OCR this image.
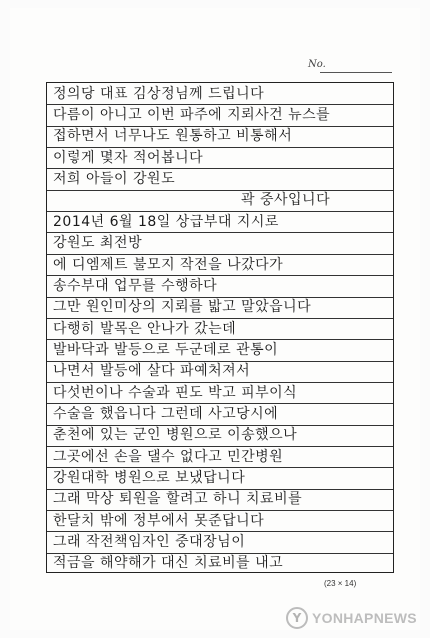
No.
정의당 대표 김상정님께 드립니다
다름이 아니고 이번 파주에 지뢰사건 뉴스를
접하면서 너무나도 원통하고 비통해서
이렇게 몇자 적어봅니다
저희 아들이 강원도
곽 중사입니다
2014년 6월 18일 상급부대 지시로
강원도 최전방
에 디엠제트 불모지 작전을 나갔다가
송수부대 업무를 수행하다
그만 원인미상의 지뢰를 밟고 말았읍니다
다행히 발목은 안나가 갔는데
발바닥과 발등으로 두군데로 관통이
나면서 발등에 살다 파예처져서
다섯번이나 수술과 핀도 박고 피부이식
수술을 했읍니다 그런데 사고당시에
춘천에 있는 군인 병원으로 이송했으나
그곳에선 손을 댈수 없다고 민간병원
강원대학 병원으로 보냈답니다
그래 막상 퇴원을 할려고 하니 치료비를
한달치 밖에 정부에서 못준답니다
그래 작전책임자인 중대장님이
적금을 해약해가 대신 치료비를 내고
(23 × 14)
Y YONHAPNEWS
